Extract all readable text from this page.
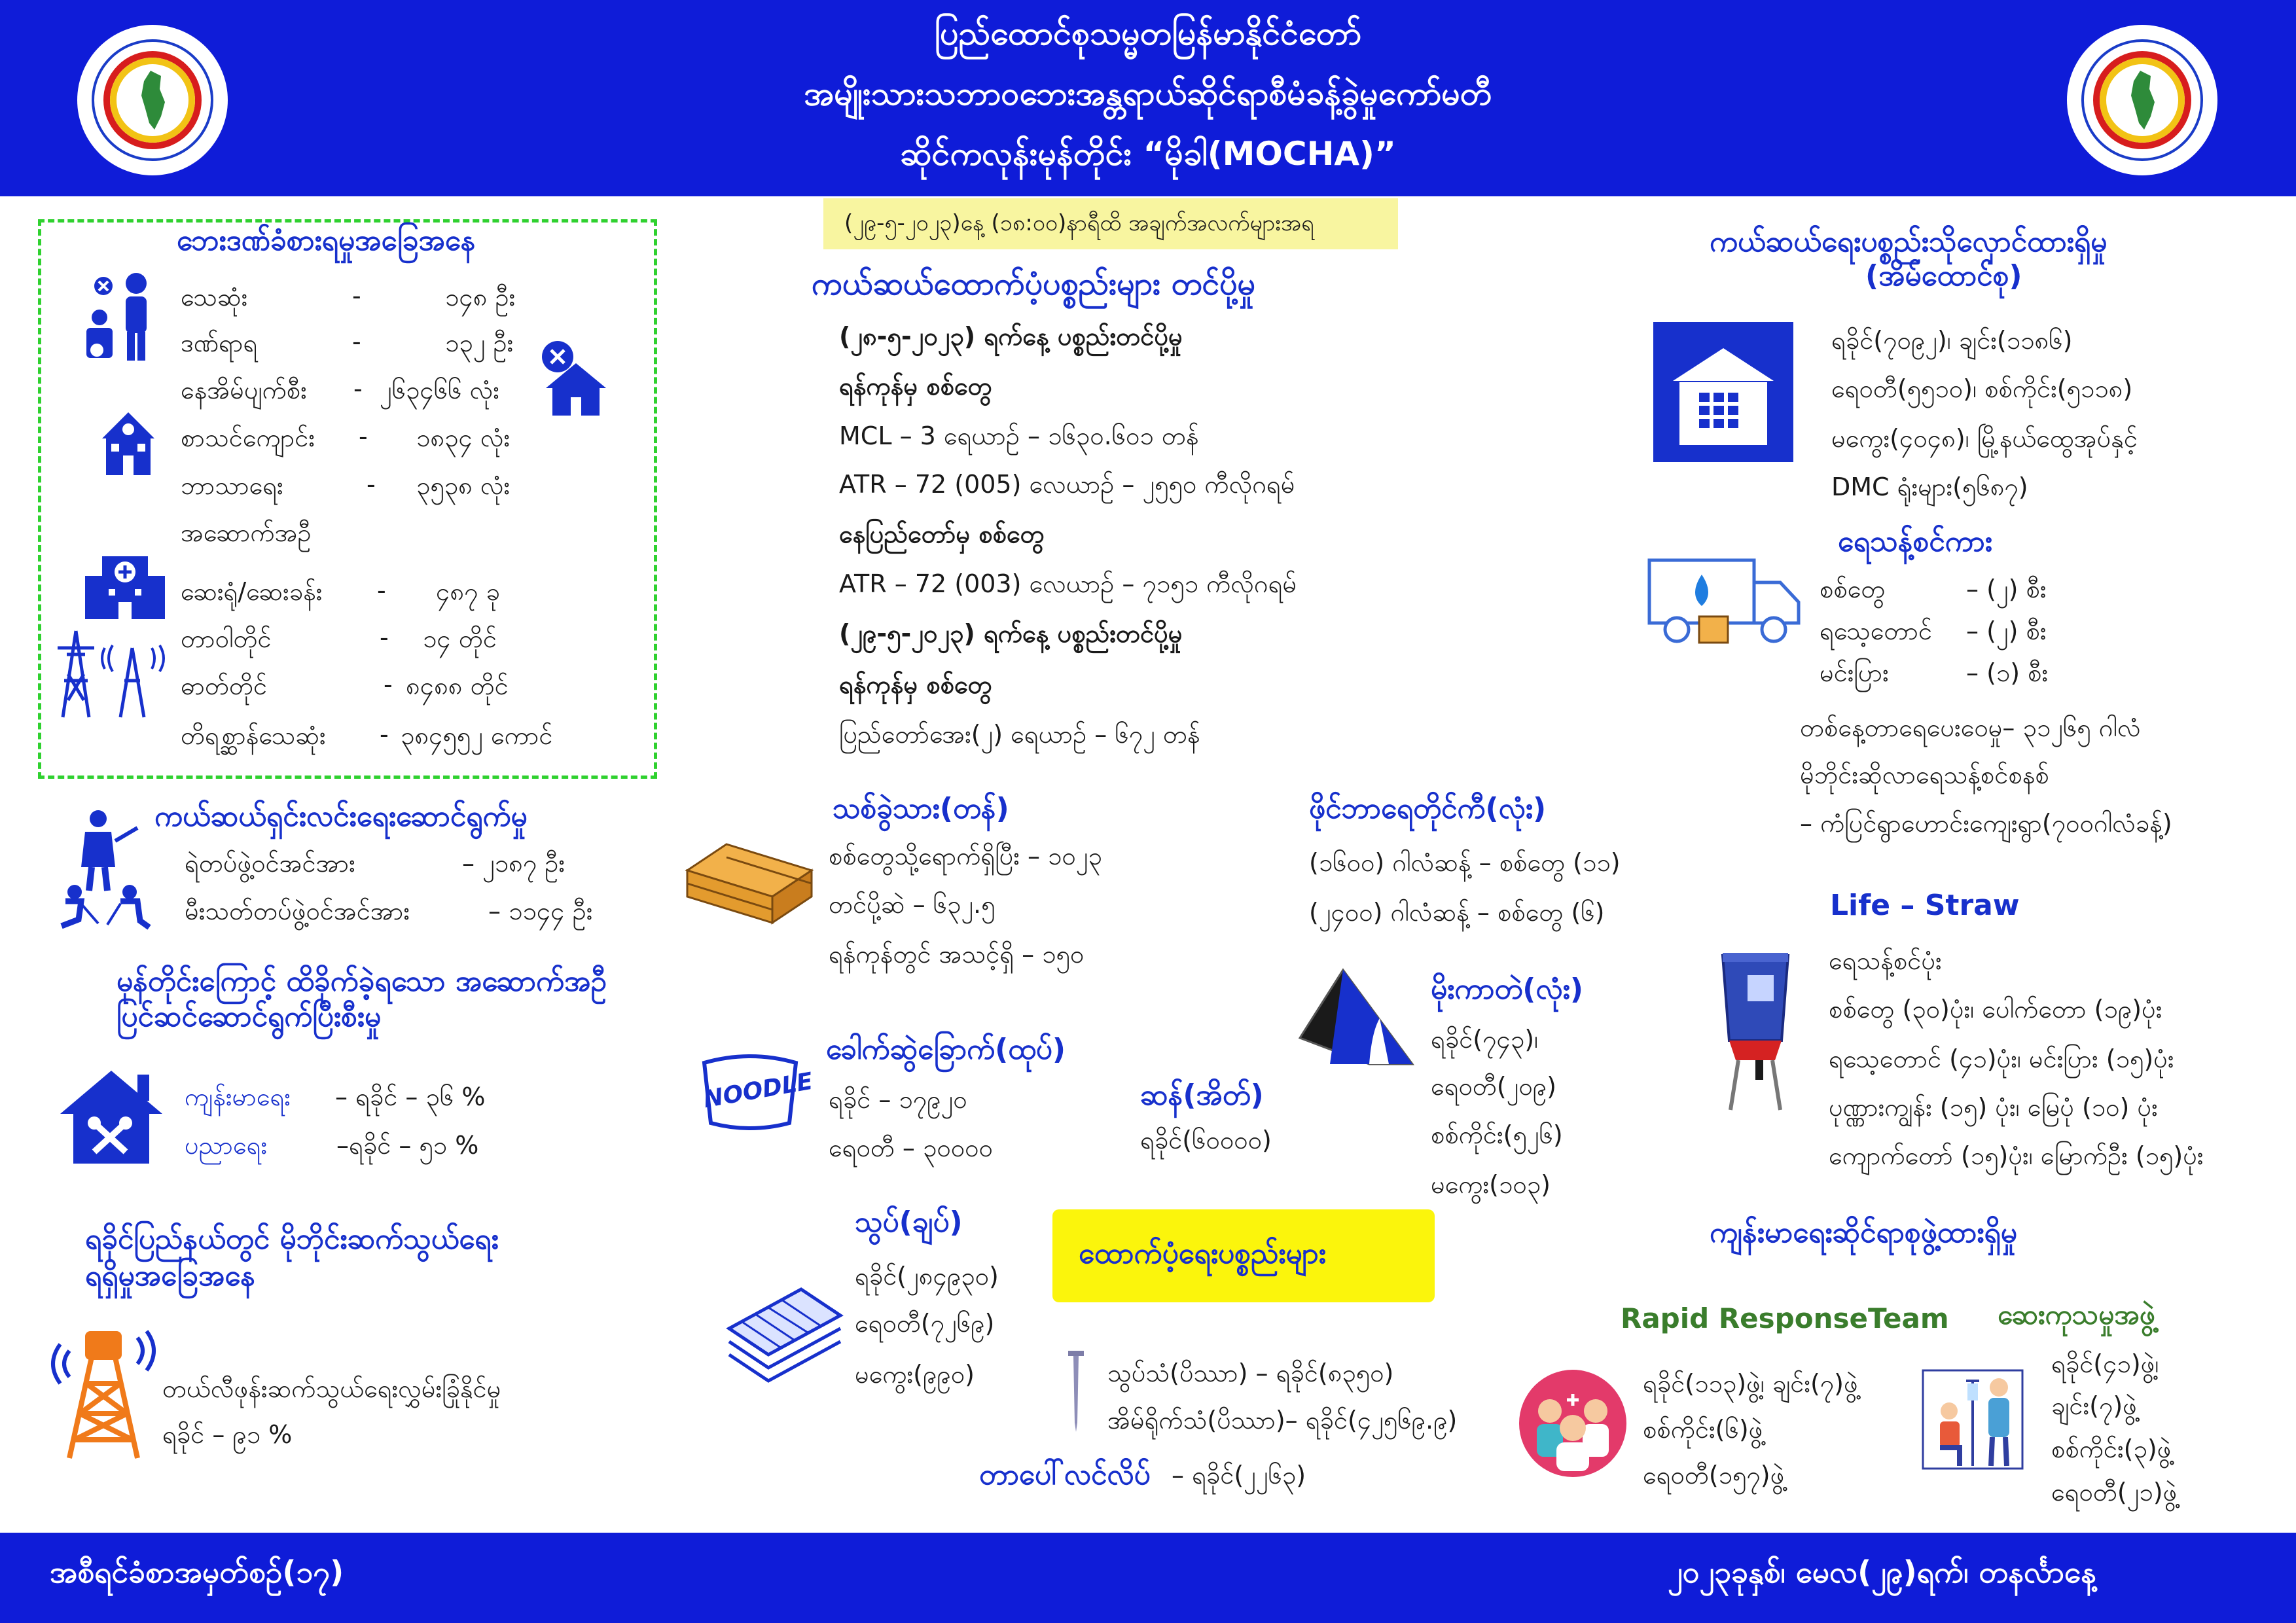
ပြည်ထောင်စုသမ္မတမြန်မာနိုင်ငံတော်
အမျိုးသားသဘာဝဘေးအန္တရာယ်ဆိုင်ရာစီမံခန့်ခွဲမှုကော်မတီ
ဆိုင်ကလုန်းမုန်တိုင်း “မိုခါ(MOCHA)”
(၂၉-၅-၂၀၂၃)နေ့ (၁၈:၀၀)နာရီထိ အချက်အလက်များအရ
ဘေးဒဏ်ခံစားရမှုအခြေအနေ
သေဆုံး	-	၁၄၈ ဦး
ဒဏ်ရာရ	-	၁၃၂ ဦး
နေအိမ်ပျက်စီး - ၂၆၃၄၆၆ လုံး
စာသင်ကျောင်း - ၁၈၃၄ လုံး
ဘာသာရေး	- ၃၅၃၈ လုံး
အဆောက်အဦ
ဆေးရုံ/ဆေးခန်း - ၄၈၇ ခု
တာဝါတိုင်	- ၁၄ တိုင်
ဓာတ်တိုင်	- ၈၄၈၈ တိုင်
တိရစ္ဆာန်သေဆုံး - ၃၈၄၅၅၂ ကောင်
ကယ်ဆယ်ရှင်းလင်းရေးဆောင်ရွက်မှု
ရဲတပ်ဖွဲ့ဝင်အင်အား	– ၂၁၈၇ ဦး
မီးသတ်တပ်ဖွဲ့ဝင်အင်အား	– ၁၁၄၄ ဦး
မုန်တိုင်းကြောင့် ထိခိုက်ခဲ့ရသော အဆောက်အဦ
ပြင်ဆင်ဆောင်ရွက်ပြီးစီးမှု
ကျန်းမာရေး – ရခိုင် – ၃၆ %
ပညာရေး	–ရခိုင် – ၅၁ %
ရခိုင်ပြည်နယ်တွင် မိုဘိုင်းဆက်သွယ်ရေး
ရရှိမှုအခြေအနေ
တယ်လီဖုန်းဆက်သွယ်ရေးလွှမ်းခြုံနိုင်မှု
ရခိုင် – ၉၁ %
ကယ်ဆယ်ထောက်ပံ့ပစ္စည်းများ တင်ပို့မှု
(၂၈-၅-၂၀၂၃) ရက်နေ့ ပစ္စည်းတင်ပို့မှု
ရန်ကုန်မှ စစ်တွေ
MCL – 3 ရေယာဉ် – ၁၆၃၀.၆၀၁ တန်
ATR – 72 (005) လေယာဉ် – ၂၅၅၀ ကီလိုဂရမ်
နေပြည်တော်မှ စစ်တွေ
ATR – 72 (003) လေယာဉ် – ၇၁၅၁ ကီလိုဂရမ်
(၂၉-၅-၂၀၂၃) ရက်နေ့ ပစ္စည်းတင်ပို့မှု
ရန်ကုန်မှ စစ်တွေ
ပြည်တော်အေး(၂) ရေယာဉ် – ၆၇၂ တန်
သစ်ခွဲသား(တန်)
စစ်တွေသို့ရောက်ရှိပြီး – ၁၀၂၃
တင်ပို့ဆဲ – ၆၃၂.၅
ရန်ကုန်တွင် အသင့်ရှိ – ၁၅၀
NOODLE
ခေါက်ဆွဲခြောက်(ထုပ်)
ရခိုင် – ၁၇၉၂၀
ရေ၀တီ – ၃၀၀၀၀
ဆန်(အိတ်)
ရခိုင်(၆၀၀၀၀)
ဖိုင်ဘာရေတိုင်ကီ(လုံး)
(၁၆၀၀) ဂါလံဆန့် – စစ်တွေ (၁၁)
(၂၄၀၀) ဂါလံဆန့် – စစ်တွေ (၆)
မိုးကာတဲ(လုံး)
ရခိုင်(၇၄၃)၊
ရေ၀တီ(၂၀၉)
စစ်ကိုင်း(၅၂၆)
မကွေး(၁၀၃)
သွပ်(ချပ်)
ရခိုင်(၂၈၄၉၃၀)
ရေ၀တီ(၇၂၆၉)
မကွေး(၉၉၀)
ထောက်ပံ့ရေးပစ္စည်းများ
သွပ်သံ(ပိဿာ) – ရခိုင်(၈၃၅၀)
အိမ်ရိုက်သံ(ပိဿာ)– ရခိုင်(၄၂၅၆၉.၉)
တာပေါ်လင်လိပ် – ရခိုင်(၂၂၆၃)
ကယ်ဆယ်ရေးပစ္စည်းသိုလှောင်ထားရှိမှု
(အိမ်ထောင်စု)
ရခိုင်(၇၀၉၂)၊ ချင်း(၁၁၈၆)
ရေ၀တီ(၅၅၁၀)၊ စစ်ကိုင်း(၅၁၁၈)
မကွေး(၄၀၄၈)၊ မြို့နယ်ထွေအုပ်နှင့်
DMC ရုံးများ(၅၆၈၇)
ရေသန့်စင်ကား
စစ်တွေ	– (၂) စီး
ရသေ့တောင် – (၂) စီး
မင်းပြား	– (၁) စီး
တစ်နေ့တာရေပေးဝေမှု– ၃၁၂၆၅ ဂါလံ
မိုဘိုင်းဆိုလာရေသန့်စင်စနစ်
– ကံပြင်ရွာဟောင်းကျေးရွာ(၇၀၀ဂါလံခန့်)
Life – Straw
ရေသန့်စင်ပုံး
စစ်တွေ (၃၀)ပုံး၊ ပေါက်တော (၁၉)ပုံး
ရသေ့တောင် (၄၁)ပုံး၊ မင်းပြား (၁၅)ပုံး
ပုဏ္ဏားကျွန်း (၁၅) ပုံး၊ မြေပုံ (၁၀) ပုံး
ကျောက်တော် (၁၅)ပုံး၊ မြောက်ဦး (၁၅)ပုံး
ကျန်းမာရေးဆိုင်ရာစုဖွဲ့ထားရှိမှု
Rapid ResponseTeam
ရခိုင်(၁၁၃)ဖွဲ့၊ ချင်း(၇)ဖွဲ့
စစ်ကိုင်း(၆)ဖွဲ့
ရေ၀တီ(၁၅၇)ဖွဲ့
ဆေးကုသမှုအဖွဲ့
ရခိုင်(၄၁)ဖွဲ့၊
ချင်း(၇)ဖွဲ့
စစ်ကိုင်း(၃)ဖွဲ့
ရေ၀တီ(၂၁)ဖွဲ့
အစီရင်ခံစာအမှတ်စဉ်(၁၇)	၂၀၂၃ခုနှစ်၊ မေလ(၂၉)ရက်၊ တနင်္လာနေ့
